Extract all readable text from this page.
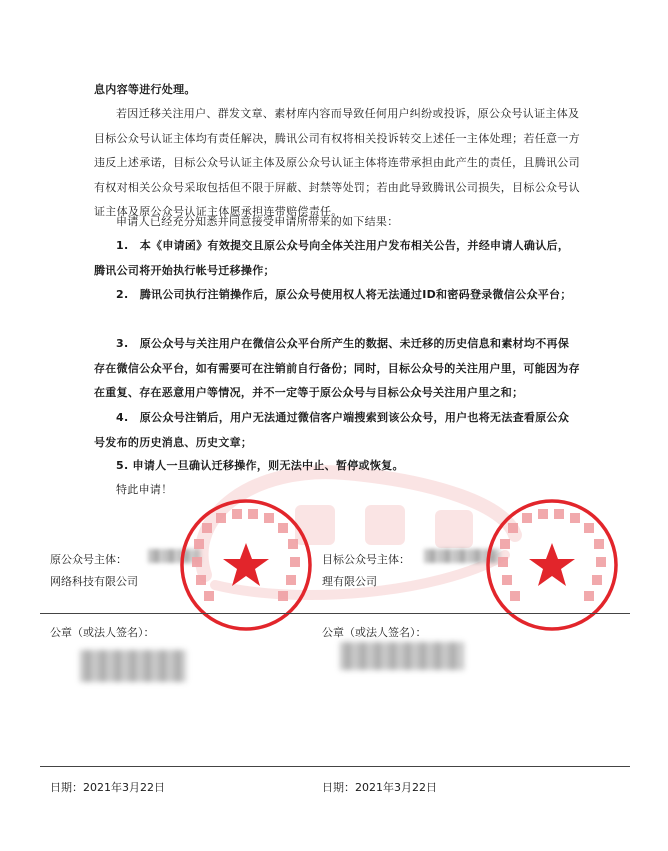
息内容等进行处理。
若因迁移关注用户、群发文章、素材库内容而导致任何用户纠纷或投诉，原公众号认证主体及目标公众号认证主体均有责任解决，腾讯公司有权将相关投诉转交上述任一主体处理；若任意一方违反上述承诺，目标公众号认证主体及原公众号认证主体将连带承担由此产生的责任，且腾讯公司有权对相关公众号采取包括但不限于屏蔽、封禁等处罚；若由此导致腾讯公司损失，目标公众号认证主体及原公众号认证主体愿承担连带赔偿责任。
申请人已经充分知悉并同意接受申请所带来的如下结果：
1.　本《申请函》有效提交且原公众号向全体关注用户发布相关公告，并经申请人确认后，腾讯公司将开始执行帐号迁移操作；
2.　腾讯公司执行注销操作后，原公众号使用权人将无法通过ID和密码登录微信公众平台；
3.　原公众号与关注用户在微信公众平台所产生的数据、未迁移的历史信息和素材均不再保存在微信公众平台，如有需要可在注销前自行备份；同时，目标公众号的关注用户里，可能因为存在重复、存在恶意用户等情况，并不一定等于原公众号与目标公众号关注用户里之和；
4.　原公众号注销后，用户无法通过微信客户端搜索到该公众号，用户也将无法查看原公众号发布的历史消息、历史文章；
5. 申请人一旦确认迁移操作，则无法中止、暂停或恢复。
特此申请！
原公众号主体：
网络科技有限公司
目标公众号主体：
理有限公司
公章（或法人签名）：	公章（或法人签名）：
日期：2021年3月22日	日期：2021年3月22日
